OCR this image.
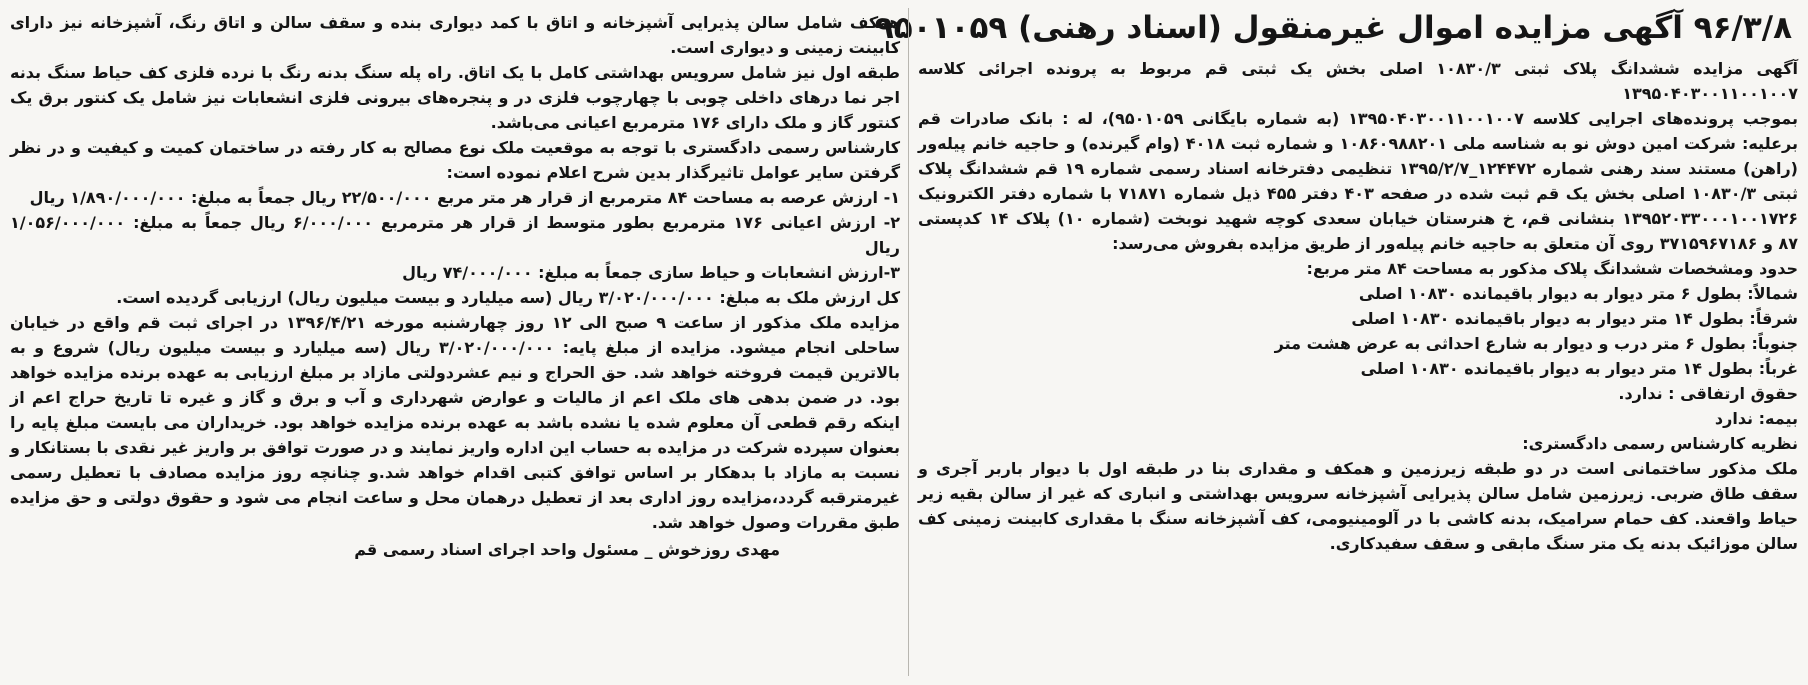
۹۶/۳/۸ آگهی مزایده اموال غیرمنقول (اسناد رهنی) ۹۵۰۱۰۵۹

آگهی مزایده ششدانگ پلاک ثبتی ۱۰۸۳۰/۳ اصلی بخش یک ثبتی قم مربوط به پرونده اجرائی کلاسه ۱۳۹۵۰۴۰۳۰۰۱۱۰۰۱۰۰۷

بموجب پرونده‌های اجرایی کلاسه ۱۳۹۵۰۴۰۳۰۰۱۱۰۰۱۰۰۷ (به شماره بایگانی ۹۵۰۱۰۵۹)، له : بانک صادرات قم برعلیه: شرکت امین دوش نو به شناسه ملی ۱۰۸۶۰۹۸۸۲۰۱ و شماره ثبت ۴۰۱۸ (وام گیرنده) و حاجیه خانم پیله‌ور (راهن) مستند سند رهنی شماره ۱۲۴۴۷۲_۱۳۹۵/۲/۷ تنظیمی دفترخانه اسناد رسمی شماره ۱۹ قم ششدانگ پلاک ثبتی ۱۰۸۳۰/۳ اصلی بخش یک قم ثبت شده در صفحه ۴۰۳ دفتر ۴۵۵ ذیل شماره ۷۱۸۷۱ با شماره دفتر الکترونیک ۱۳۹۵۲۰۳۳۰۰۰۱۰۰۱۷۲۶ بنشانی قم، خ هنرستان خیابان سعدی کوچه شهید نوبخت (شماره ۱۰) پلاک ۱۴ کدپستی ۸۷ و ۳۷۱۵۹۶۷۱۸۶ روی آن متعلق به حاجیه خانم پیله‌ور از طریق مزایده بفروش می‌رسد:

حدود ومشخصات ششدانگ پلاک مذکور به مساحت ۸۴ متر مربع:
شمالاً: بطول ۶ متر دیوار به دیوار باقیمانده ۱۰۸۳۰ اصلی
شرقاً: بطول ۱۴ متر دیوار به دیوار باقیمانده ۱۰۸۳۰ اصلی
جنوباً: بطول ۶ متر درب و دیوار به شارع احداثی به عرض هشت متر
غرباً: بطول ۱۴ متر دیوار به دیوار باقیمانده ۱۰۸۳۰ اصلی
حقوق ارتفاقی : ندارد.
بیمه: ندارد
نظریه کارشناس رسمی دادگستری:

ملک مذکور ساختمانی است در دو طبقه زیرزمین و همکف و مقداری بنا در طبقه اول با دیوار باربر آجری و سقف طاق ضربی. زیرزمین شامل سالن پذیرایی آشپزخانه سرویس بهداشتی و انباری که غیر از سالن بقیه زیر حیاط واقعند. کف حمام سرامیک، بدنه کاشی با در آلومینیومی، کف آشپزخانه سنگ با مقداری کابینت زمینی کف سالن موزائیک بدنه یک متر سنگ مابقی و سقف سفیدکاری.

همکف شامل سالن پذیرایی آشپزخانه و اتاق با کمد دیواری بنده و سقف سالن و اتاق رنگ، آشپزخانه نیز دارای کابینت زمینی و دیواری است.

طبقه اول نیز شامل سرویس بهداشتی کامل با یک اتاق. راه پله سنگ بدنه رنگ با نرده فلزی کف حیاط سنگ بدنه اجر نما درهای داخلی چوبی با چهارچوب فلزی در و پنجره‌های بیرونی فلزی انشعابات نیز شامل یک کنتور برق یک کنتور گاز و ملک دارای ۱۷۶ مترمربع اعیانی می‌باشد.

کارشناس رسمی دادگستری با توجه به موقعیت ملک نوع مصالح به کار رفته در ساختمان کمیت و کیفیت و در نظر گرفتن سایر عوامل تاثیرگذار بدین شرح اعلام نموده است:

۱- ارزش عرصه به مساحت ۸۴ مترمربع از قرار هر متر مربع ۲۲/۵۰۰/۰۰۰ ریال جمعاً به مبلغ: ۱/۸۹۰/۰۰۰/۰۰۰ ریال

۲- ارزش اعیانی ۱۷۶ مترمربع بطور متوسط از قرار هر مترمربع ۶/۰۰۰/۰۰۰ ریال جمعاً به مبلغ: ۱/۰۵۶/۰۰۰/۰۰۰ ریال

۳-ارزش انشعابات و حیاط سازی جمعاً به مبلغ: ۷۴/۰۰۰/۰۰۰ ریال

کل ارزش ملک به مبلغ: ۳/۰۲۰/۰۰۰/۰۰۰ ریال (سه میلیارد و بیست میلیون ریال) ارزیابی گردیده است.

مزایده ملک مذکور از ساعت ۹ صبح الی ۱۲ روز چهارشنبه مورخه ۱۳۹۶/۴/۲۱ در اجرای ثبت قم واقع در خیابان ساحلی انجام میشود. مزایده از مبلغ پایه: ۳/۰۲۰/۰۰۰/۰۰۰ ریال (سه میلیارد و بیست میلیون ریال) شروع و به بالاترین قیمت فروخته خواهد شد. حق الحراج و نیم عشردولتی مازاد بر مبلغ ارزیابی به عهده برنده مزایده خواهد بود. در ضمن بدهی های ملک اعم از مالیات و عوارض شهرداری و آب و برق و گاز و غیره تا تاریخ حراج اعم از اینکه رقم قطعی آن معلوم شده یا نشده باشد به عهده برنده مزایده خواهد بود. خریداران می بایست مبلغ پایه را بعنوان سپرده شرکت در مزایده به حساب این اداره واریز نمایند و در صورت توافق بر واریز غیر نقدی با بستانکار و نسبت به مازاد با بدهکار بر اساس توافق کتبی اقدام خواهد شد.و چنانچه روز مزایده مصادف با تعطیل رسمی غیرمترقبه گردد،مزایده روز اداری بعد از تعطیل درهمان محل و ساعت انجام می شود و حقوق دولتی و حق مزایده طبق مقررات وصول خواهد شد.

مهدی روزخوش _ مسئول واحد اجرای اسناد رسمی قم
